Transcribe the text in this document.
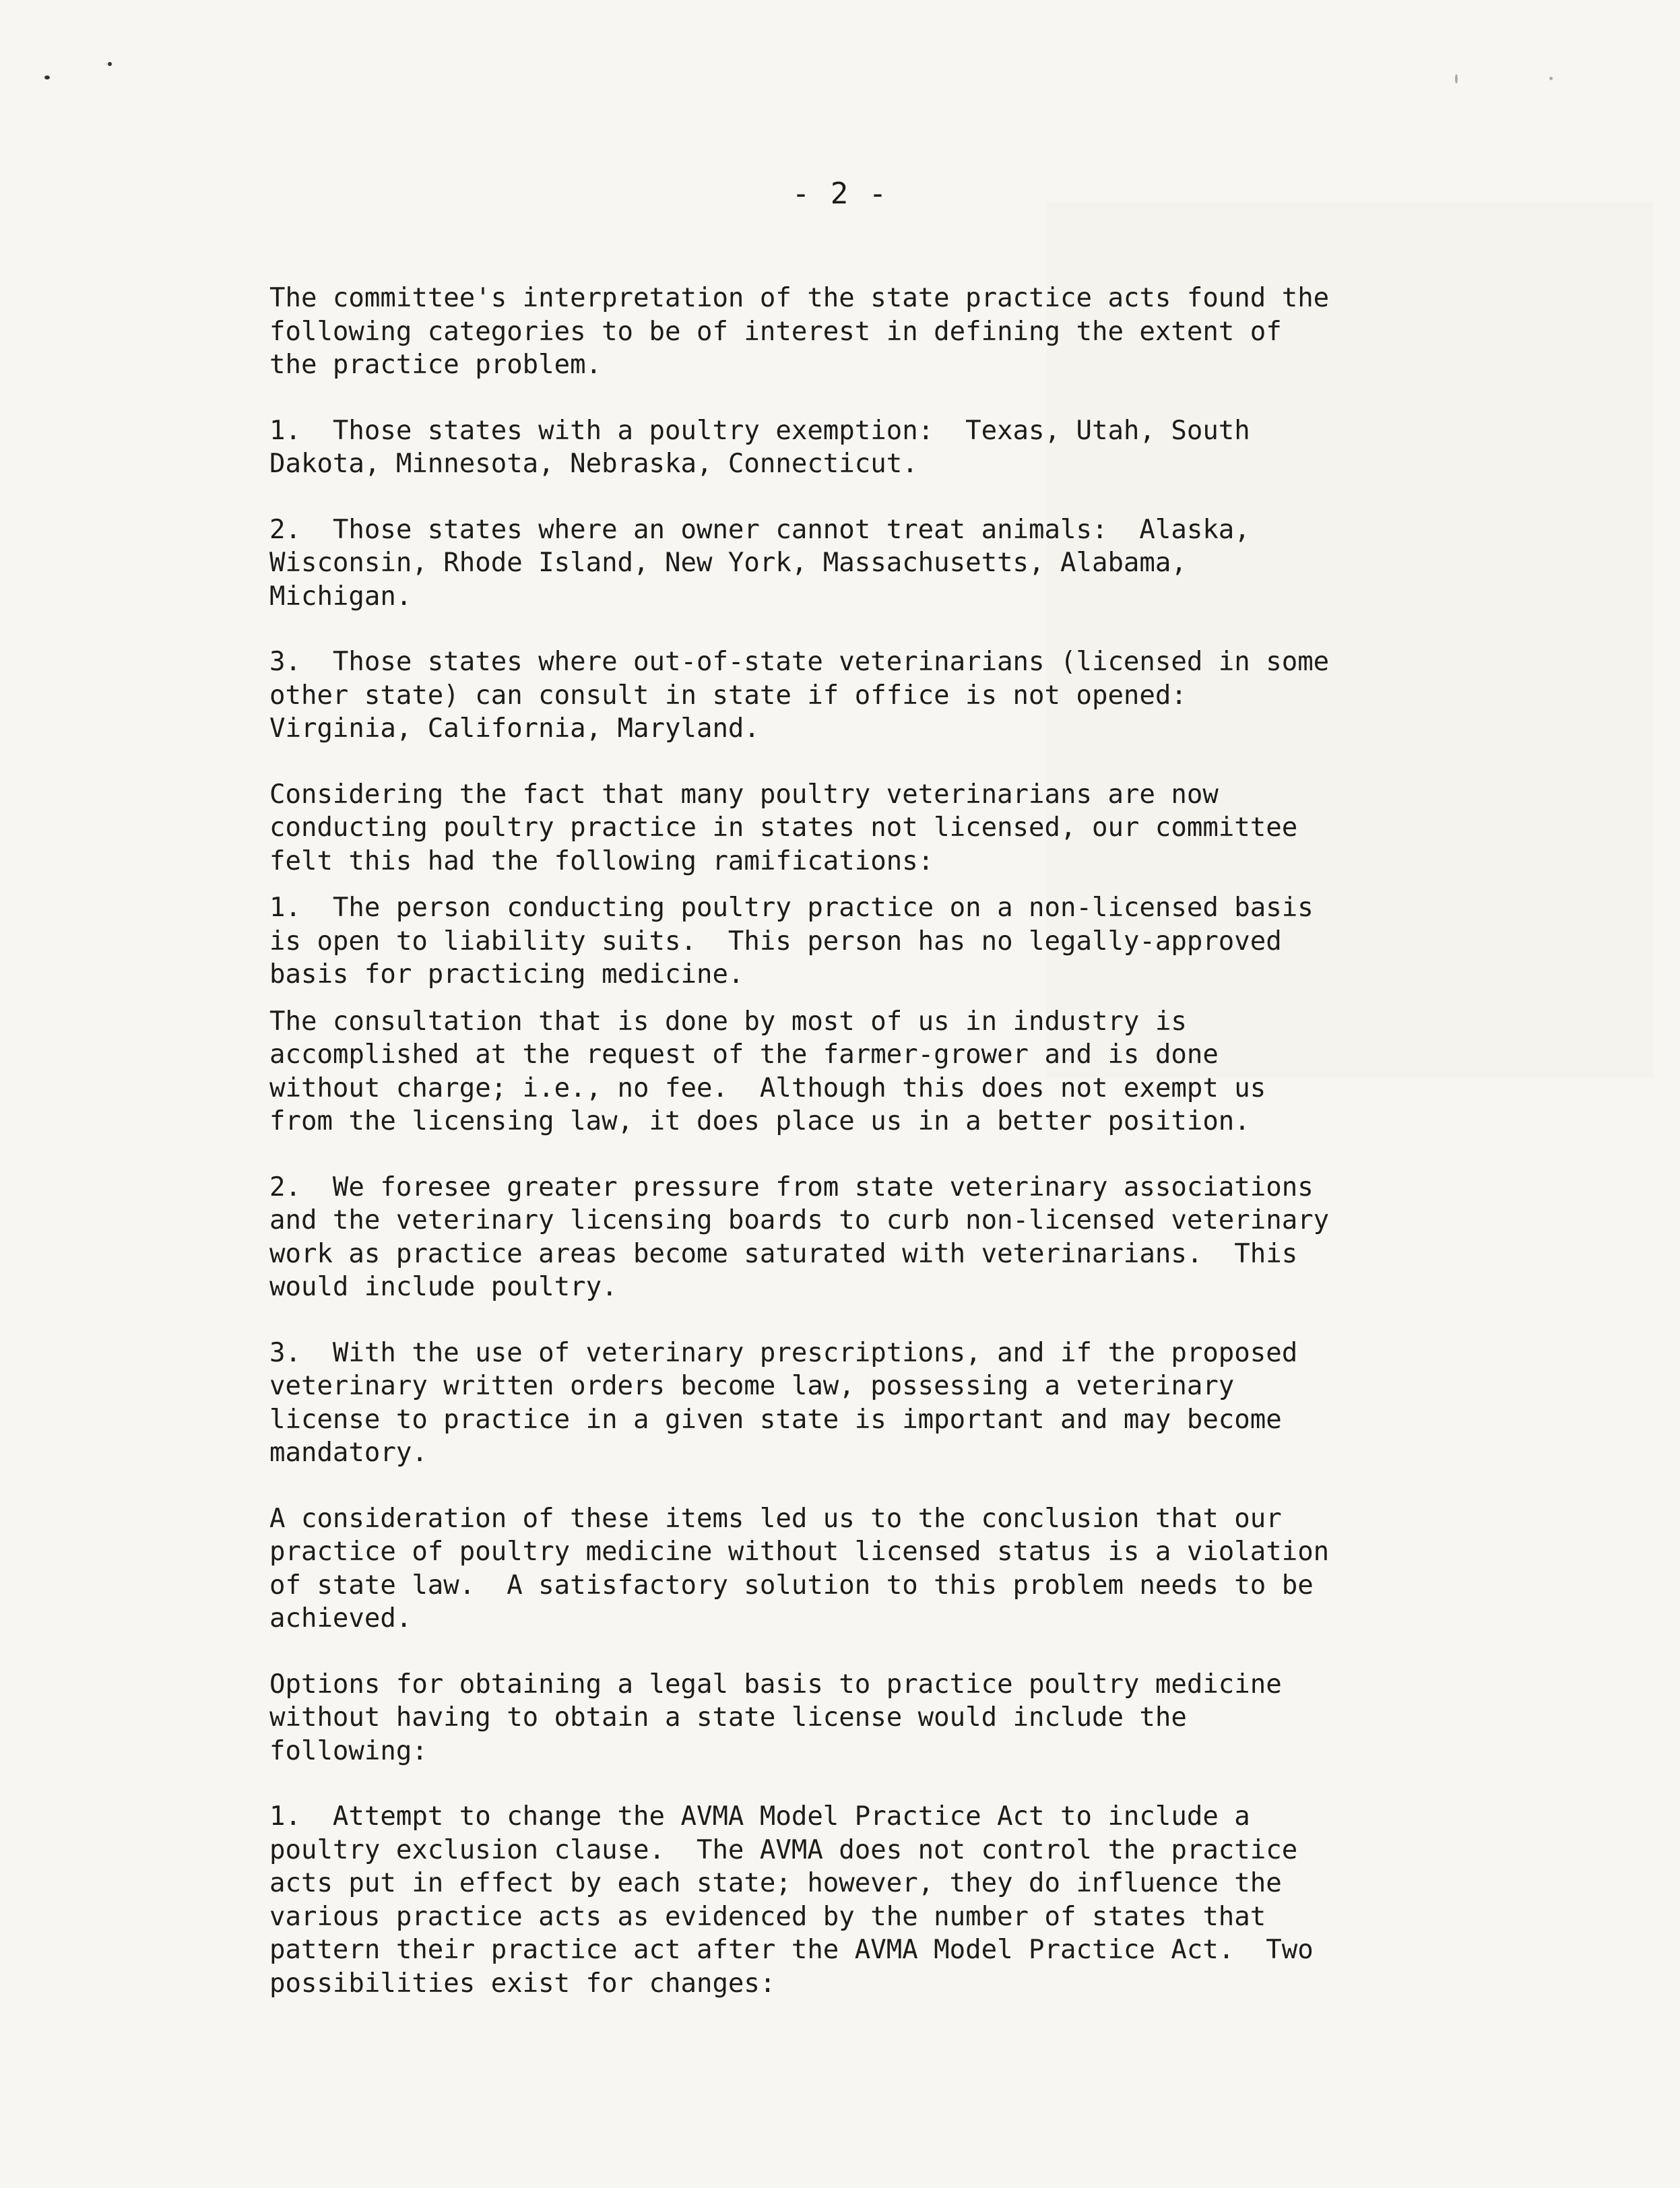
- 2 -

The committee's interpretation of the state practice acts found the
following categories to be of interest in defining the extent of
the practice problem.

1.  Those states with a poultry exemption:  Texas, Utah, South
Dakota, Minnesota, Nebraska, Connecticut.

2.  Those states where an owner cannot treat animals:  Alaska,
Wisconsin, Rhode Island, New York, Massachusetts, Alabama,
Michigan.

3.  Those states where out-of-state veterinarians (licensed in some
other state) can consult in state if office is not opened:
Virginia, California, Maryland.

Considering the fact that many poultry veterinarians are now
conducting poultry practice in states not licensed, our committee
felt this had the following ramifications:

1.  The person conducting poultry practice on a non-licensed basis
is open to liability suits.  This person has no legally-approved
basis for practicing medicine.

The consultation that is done by most of us in industry is
accomplished at the request of the farmer-grower and is done
without charge; i.e., no fee.  Although this does not exempt us
from the licensing law, it does place us in a better position.

2.  We foresee greater pressure from state veterinary associations
and the veterinary licensing boards to curb non-licensed veterinary
work as practice areas become saturated with veterinarians.  This
would include poultry.

3.  With the use of veterinary prescriptions, and if the proposed
veterinary written orders become law, possessing a veterinary
license to practice in a given state is important and may become
mandatory.

A consideration of these items led us to the conclusion that our
practice of poultry medicine without licensed status is a violation
of state law.  A satisfactory solution to this problem needs to be
achieved.

Options for obtaining a legal basis to practice poultry medicine
without having to obtain a state license would include the
following:

1.  Attempt to change the AVMA Model Practice Act to include a
poultry exclusion clause.  The AVMA does not control the practice
acts put in effect by each state; however, they do influence the
various practice acts as evidenced by the number of states that
pattern their practice act after the AVMA Model Practice Act.  Two
possibilities exist for changes:
